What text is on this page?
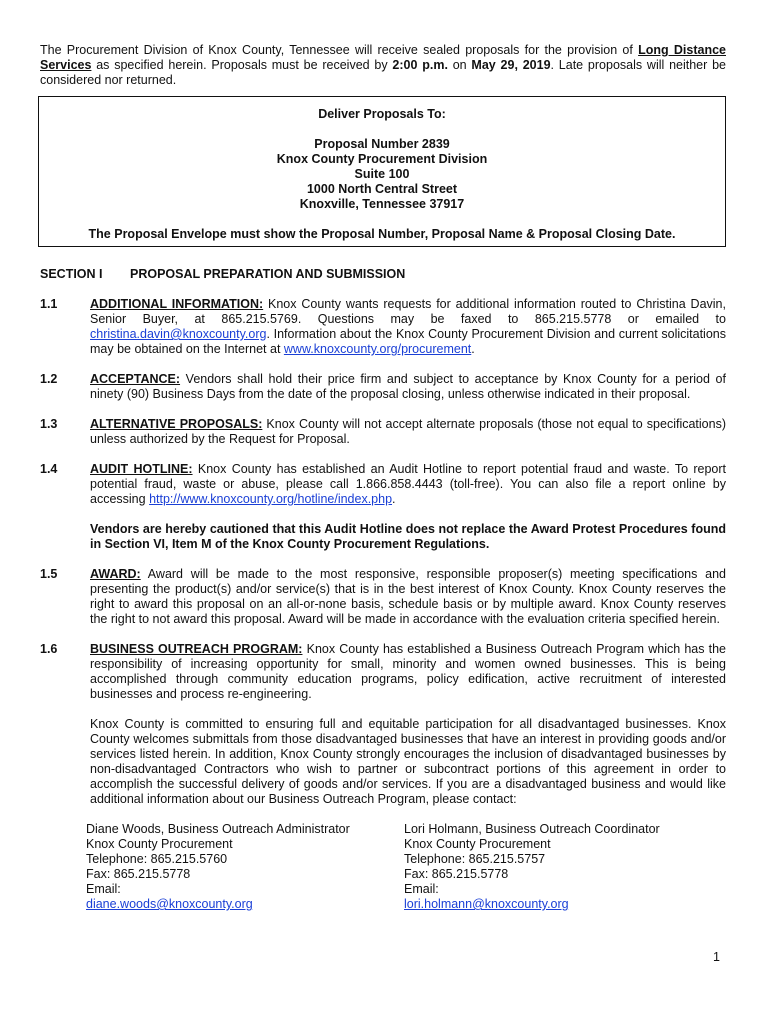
The Procurement Division of Knox County, Tennessee will receive sealed proposals for the provision of Long Distance Services as specified herein. Proposals must be received by 2:00 p.m. on May 29, 2019. Late proposals will neither be considered nor returned.

Deliver Proposals To:
Proposal Number 2839
Knox County Procurement Division
Suite 100
1000 North Central Street
Knoxville, Tennessee 37917
The Proposal Envelope must show the Proposal Number, Proposal Name & Proposal Closing Date.
SECTION I	PROPOSAL PREPARATION AND SUBMISSION
1.1	ADDITIONAL INFORMATION: Knox County wants requests for additional information routed to Christina Davin, Senior Buyer, at 865.215.5769. Questions may be faxed to 865.215.5778 or emailed to christina.davin@knoxcounty.org. Information about the Knox County Procurement Division and current solicitations may be obtained on the Internet at www.knoxcounty.org/procurement.

1.2	ACCEPTANCE: Vendors shall hold their price firm and subject to acceptance by Knox County for a period of ninety (90) Business Days from the date of the proposal closing, unless otherwise indicated in their proposal.

1.3	ALTERNATIVE PROPOSALS: Knox County will not accept alternate proposals (those not equal to specifications) unless authorized by the Request for Proposal.

1.4	AUDIT HOTLINE: Knox County has established an Audit Hotline to report potential fraud and waste. To report potential fraud, waste or abuse, please call 1.866.858.4443 (toll-free). You can also file a report online by accessing http://www.knoxcounty.org/hotline/index.php.

Vendors are hereby cautioned that this Audit Hotline does not replace the Award Protest Procedures found in Section VI, Item M of the Knox County Procurement Regulations.

1.5	AWARD: Award will be made to the most responsive, responsible proposer(s) meeting specifications and presenting the product(s) and/or service(s) that is in the best interest of Knox County. Knox County reserves the right to award this proposal on an all-or-none basis, schedule basis or by multiple award. Knox County reserves the right to not award this proposal. Award will be made in accordance with the evaluation criteria specified herein.

1.6	BUSINESS OUTREACH PROGRAM: Knox County has established a Business Outreach Program which has the responsibility of increasing opportunity for small, minority and women owned businesses. This is being accomplished through community education programs, policy edification, active recruitment of interested businesses and process re-engineering.

Knox County is committed to ensuring full and equitable participation for all disadvantaged businesses. Knox County welcomes submittals from those disadvantaged businesses that have an interest in providing goods and/or services listed herein. In addition, Knox County strongly encourages the inclusion of disadvantaged businesses by non-disadvantaged Contractors who wish to partner or subcontract portions of this agreement in order to accomplish the successful delivery of goods and/or services. If you are a disadvantaged business and would like additional information about our Business Outreach Program, please contact:

Diane Woods, Business Outreach Administrator
Knox County Procurement
Telephone: 865.215.5760
Fax: 865.215.5778
Email:
diane.woods@knoxcounty.org
Lori Holmann, Business Outreach Coordinator
Knox County Procurement
Telephone: 865.215.5757
Fax: 865.215.5778
Email:
lori.holmann@knoxcounty.org
1
